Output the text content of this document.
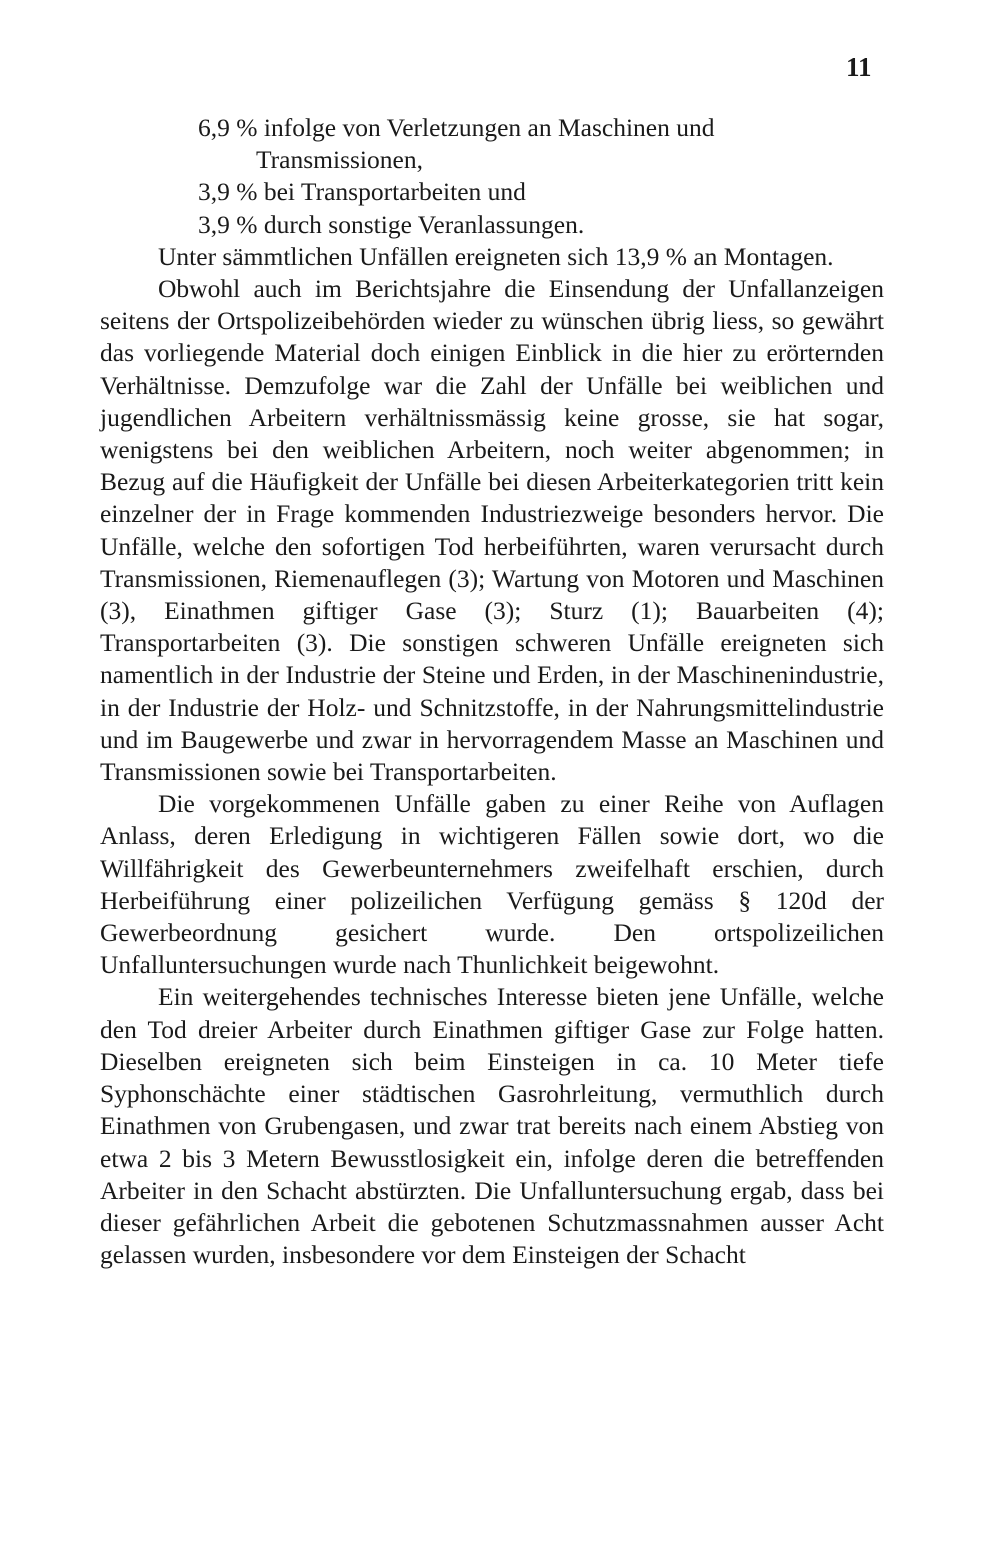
11
6,9 % infolge von Verletzungen an Maschinen und Transmissionen,
3,9 % bei Transportarbeiten und
3,9 % durch sonstige Veranlassungen.

Unter sämmtlichen Unfällen ereigneten sich 13,9 % an Montagen.

Obwohl auch im Berichtsjahre die Einsendung der Unfallanzeigen seitens der Ortspolizeibehörden wieder zu wünschen übrig liess, so gewährt das vorliegende Material doch einigen Einblick in die hier zu erörternden Verhältnisse. Demzufolge war die Zahl der Unfälle bei weiblichen und jugendlichen Arbeitern verhältnissmässig keine grosse, sie hat sogar, wenigstens bei den weiblichen Arbeitern, noch weiter abgenommen; in Bezug auf die Häufigkeit der Unfälle bei diesen Arbeiterkategorien tritt kein einzelner der in Frage kommenden Industriezweige besonders hervor. Die Unfälle, welche den sofortigen Tod herbeiführten, waren verursacht durch Transmissionen, Riemenauflegen (3); Wartung von Motoren und Maschinen (3), Einathmen giftiger Gase (3); Sturz (1); Bauarbeiten (4); Transportarbeiten (3). Die sonstigen schweren Unfälle ereigneten sich namentlich in der Industrie der Steine und Erden, in der Maschinenindustrie, in der Industrie der Holz- und Schnitzstoffe, in der Nahrungsmittelindustrie und im Baugewerbe und zwar in hervorragendem Masse an Maschinen und Transmissionen sowie bei Transportarbeiten.

Die vorgekommenen Unfälle gaben zu einer Reihe von Auflagen Anlass, deren Erledigung in wichtigeren Fällen sowie dort, wo die Willfährigkeit des Gewerbeunternehmers zweifelhaft erschien, durch Herbeiführung einer polizeilichen Verfügung gemäss § 120d der Gewerbeordnung gesichert wurde. Den ortspolizeilichen Unfalluntersuchungen wurde nach Thunlichkeit beigewohnt.

Ein weitergehendes technisches Interesse bieten jene Unfälle, welche den Tod dreier Arbeiter durch Einathmen giftiger Gase zur Folge hatten. Dieselben ereigneten sich beim Einsteigen in ca. 10 Meter tiefe Syphonschächte einer städtischen Gasrohrleitung, vermuthlich durch Einathmen von Grubengasen, und zwar trat bereits nach einem Abstieg von etwa 2 bis 3 Metern Bewusstlosigkeit ein, infolge deren die betreffenden Arbeiter in den Schacht abstürzten. Die Unfalluntersuchung ergab, dass bei dieser gefährlichen Arbeit die gebotenen Schutzmassnahmen ausser Acht gelassen wurden, insbesondere vor dem Einsteigen der Schacht
